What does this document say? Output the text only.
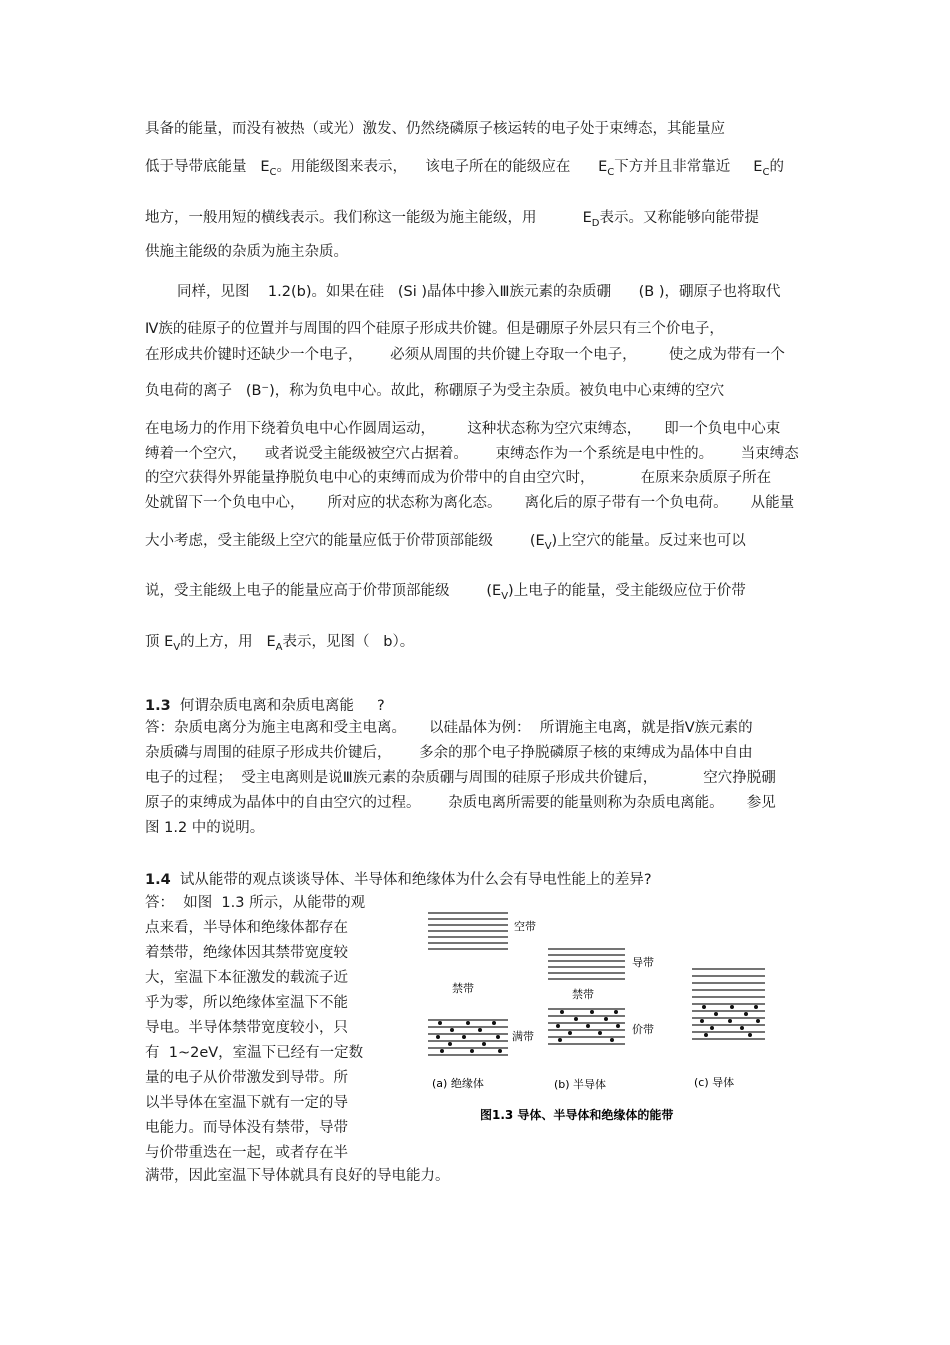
具备的能量，而没有被热（或光）激发、仍然绕磷原子核运转的电子处于束缚态，其能量应
低于导带底能量   $E_C$。用能级图来表示，    该电子所在的能级应在      $E_C$下方并且非常靠近     $E_C$的
地方，一般用短的横线表示。我们称这一能级为施主能级，用          $E_D$表示。又称能够向能带提
供施主能级的杂质为施主杂质。
同样，见图    1.2(b)。如果在硅   (Si )晶体中掺入Ⅲ族元素的杂质硼      (B )，硼原子也将取代
Ⅳ族的硅原子的位置并与周围的四个硅原子形成共价键。但是硼原子外层只有三个价电子，
在形成共价键时还缺少一个电子，      必须从周围的共价键上夺取一个电子，       使之成为带有一个
负电荷的离子   (B⁻)，称为负电中心。故此，称硼原子为受主杂质。被负电中心束缚的空穴
在电场力的作用下绕着负电中心作圆周运动，       这种状态称为空穴束缚态，     即一个负电中心束
缚着一个空穴，    或者说受主能级被空穴占据着。      束缚态作为一个系统是电中性的。      当束缚态
的空穴获得外界能量挣脱负电中心的束缚而成为价带中的自由空穴时，          在原来杂质原子所在
处就留下一个负电中心，     所对应的状态称为离化态。     离化后的原子带有一个负电荷。     从能量
大小考虑，受主能级上空穴的能量应低于价带顶部能级        $(E_V)$上空穴的能量。反过来也可以
说，受主能级上电子的能量应高于价带顶部能级        $(E_V)$上电子的能量，受主能级应位于价带
顶 $E_V$的上方，用   $E_A$表示，见图（   b）。
1.3 何谓杂质电离和杂质电离能     ?
答：杂质电离分为施主电离和受主电离。     以硅晶体为例：  所谓施主电离，就是指Ⅴ族元素的
杂质磷与周围的硅原子形成共价键后，      多余的那个电子挣脱磷原子核的束缚成为晶体中自由
电子的过程；  受主电离则是说Ⅲ族元素的杂质硼与周围的硅原子形成共价键后，          空穴挣脱硼
原子的束缚成为晶体中的自由空穴的过程。      杂质电离所需要的能量则称为杂质电离能。     参见
图 1.2 中的说明。
1.4 试从能带的观点谈谈导体、半导体和绝缘体为什么会有导电性能上的差异?
答：  如图  1.3 所示，从能带的观
点来看，半导体和绝缘体都存在
着禁带，绝缘体因其禁带宽度较
大，室温下本征激发的载流子近
乎为零，所以绝缘体室温下不能
导电。半导体禁带宽度较小，只
有  1~2eV，室温下已经有一定数
量的电子从价带激发到导带。所
以半导体在室温下就有一定的导
电能力。而导体没有禁带，导带
与价带重迭在一起，或者存在半
满带，因此室温下导体就具有良好的导电能力。
空带
禁带
满带
导带
禁带
价带
(a) 绝缘体	(b) 半导体	(c) 导体
图1.3 导体、半导体和绝缘体的能带
